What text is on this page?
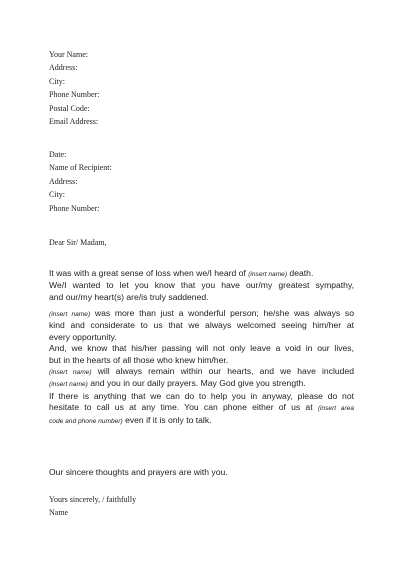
Your Name:
Address:
City:
Phone Number:
Postal Code:
Email Address:
Date:
Name of Recipient:
Address:
City:
Phone Number:
Dear Sir/ Madam,
It was with a great sense of loss when we/I heard of (insert name) death.
We/I wanted to let you know that you have our/my greatest sympathy,
and our/my heart(s) are/is truly saddened.
(insert name) was more than just a wonderful person; he/she was always so
kind and considerate to us that we always welcomed seeing him/her at
every opportunity.
And, we know that his/her passing will not only leave a void in our lives,
but in the hearts of all those who knew him/her.
(insert name) will always remain within our hearts, and we have included
(insert name) and you in our daily prayers. May God give you strength.
If there is anything that we can do to help you in anyway, please do not
hesitate to call us at any time. You can phone either of us at (insert area
code and phone number) even if it is only to talk.
Our sincere thoughts and prayers are with you.
Yours sincerely, / faithfully
Name
